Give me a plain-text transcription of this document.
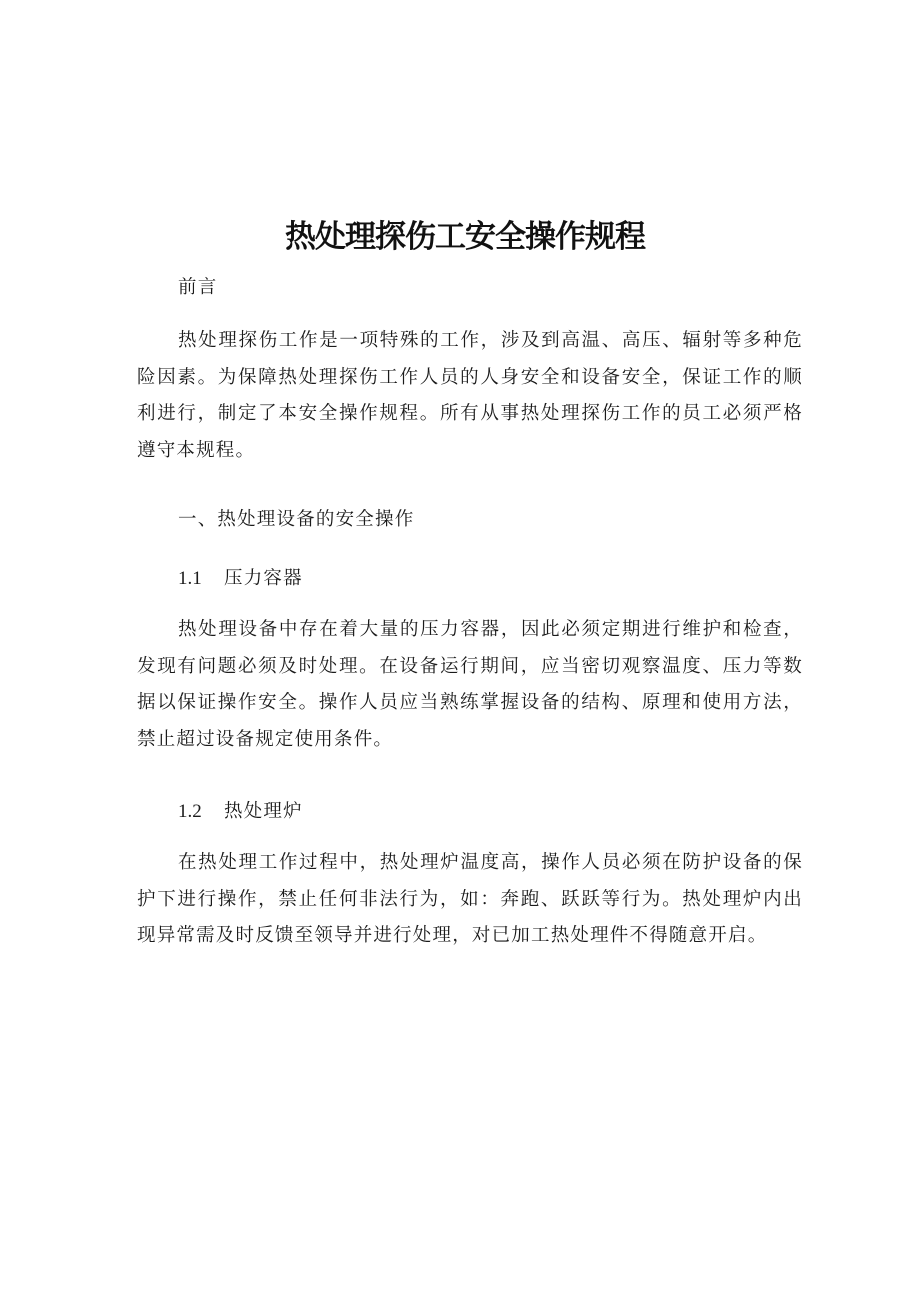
热处理探伤工安全操作规程
前言
热处理探伤工作是一项特殊的工作，涉及到高温、高压、辐射等多种危险因素。为保障热处理探伤工作人员的人身安全和设备安全，保证工作的顺利进行，制定了本安全操作规程。所有从事热处理探伤工作的员工必须严格遵守本规程。
一、热处理设备的安全操作
1.1 压力容器
热处理设备中存在着大量的压力容器，因此必须定期进行维护和检查，发现有问题必须及时处理。在设备运行期间，应当密切观察温度、压力等数据以保证操作安全。操作人员应当熟练掌握设备的结构、原理和使用方法，禁止超过设备规定使用条件。
1.2 热处理炉
在热处理工作过程中，热处理炉温度高，操作人员必须在防护设备的保护下进行操作，禁止任何非法行为，如：奔跑、跃跃等行为。热处理炉内出现异常需及时反馈至领导并进行处理，对已加工热处理件不得随意开启。
